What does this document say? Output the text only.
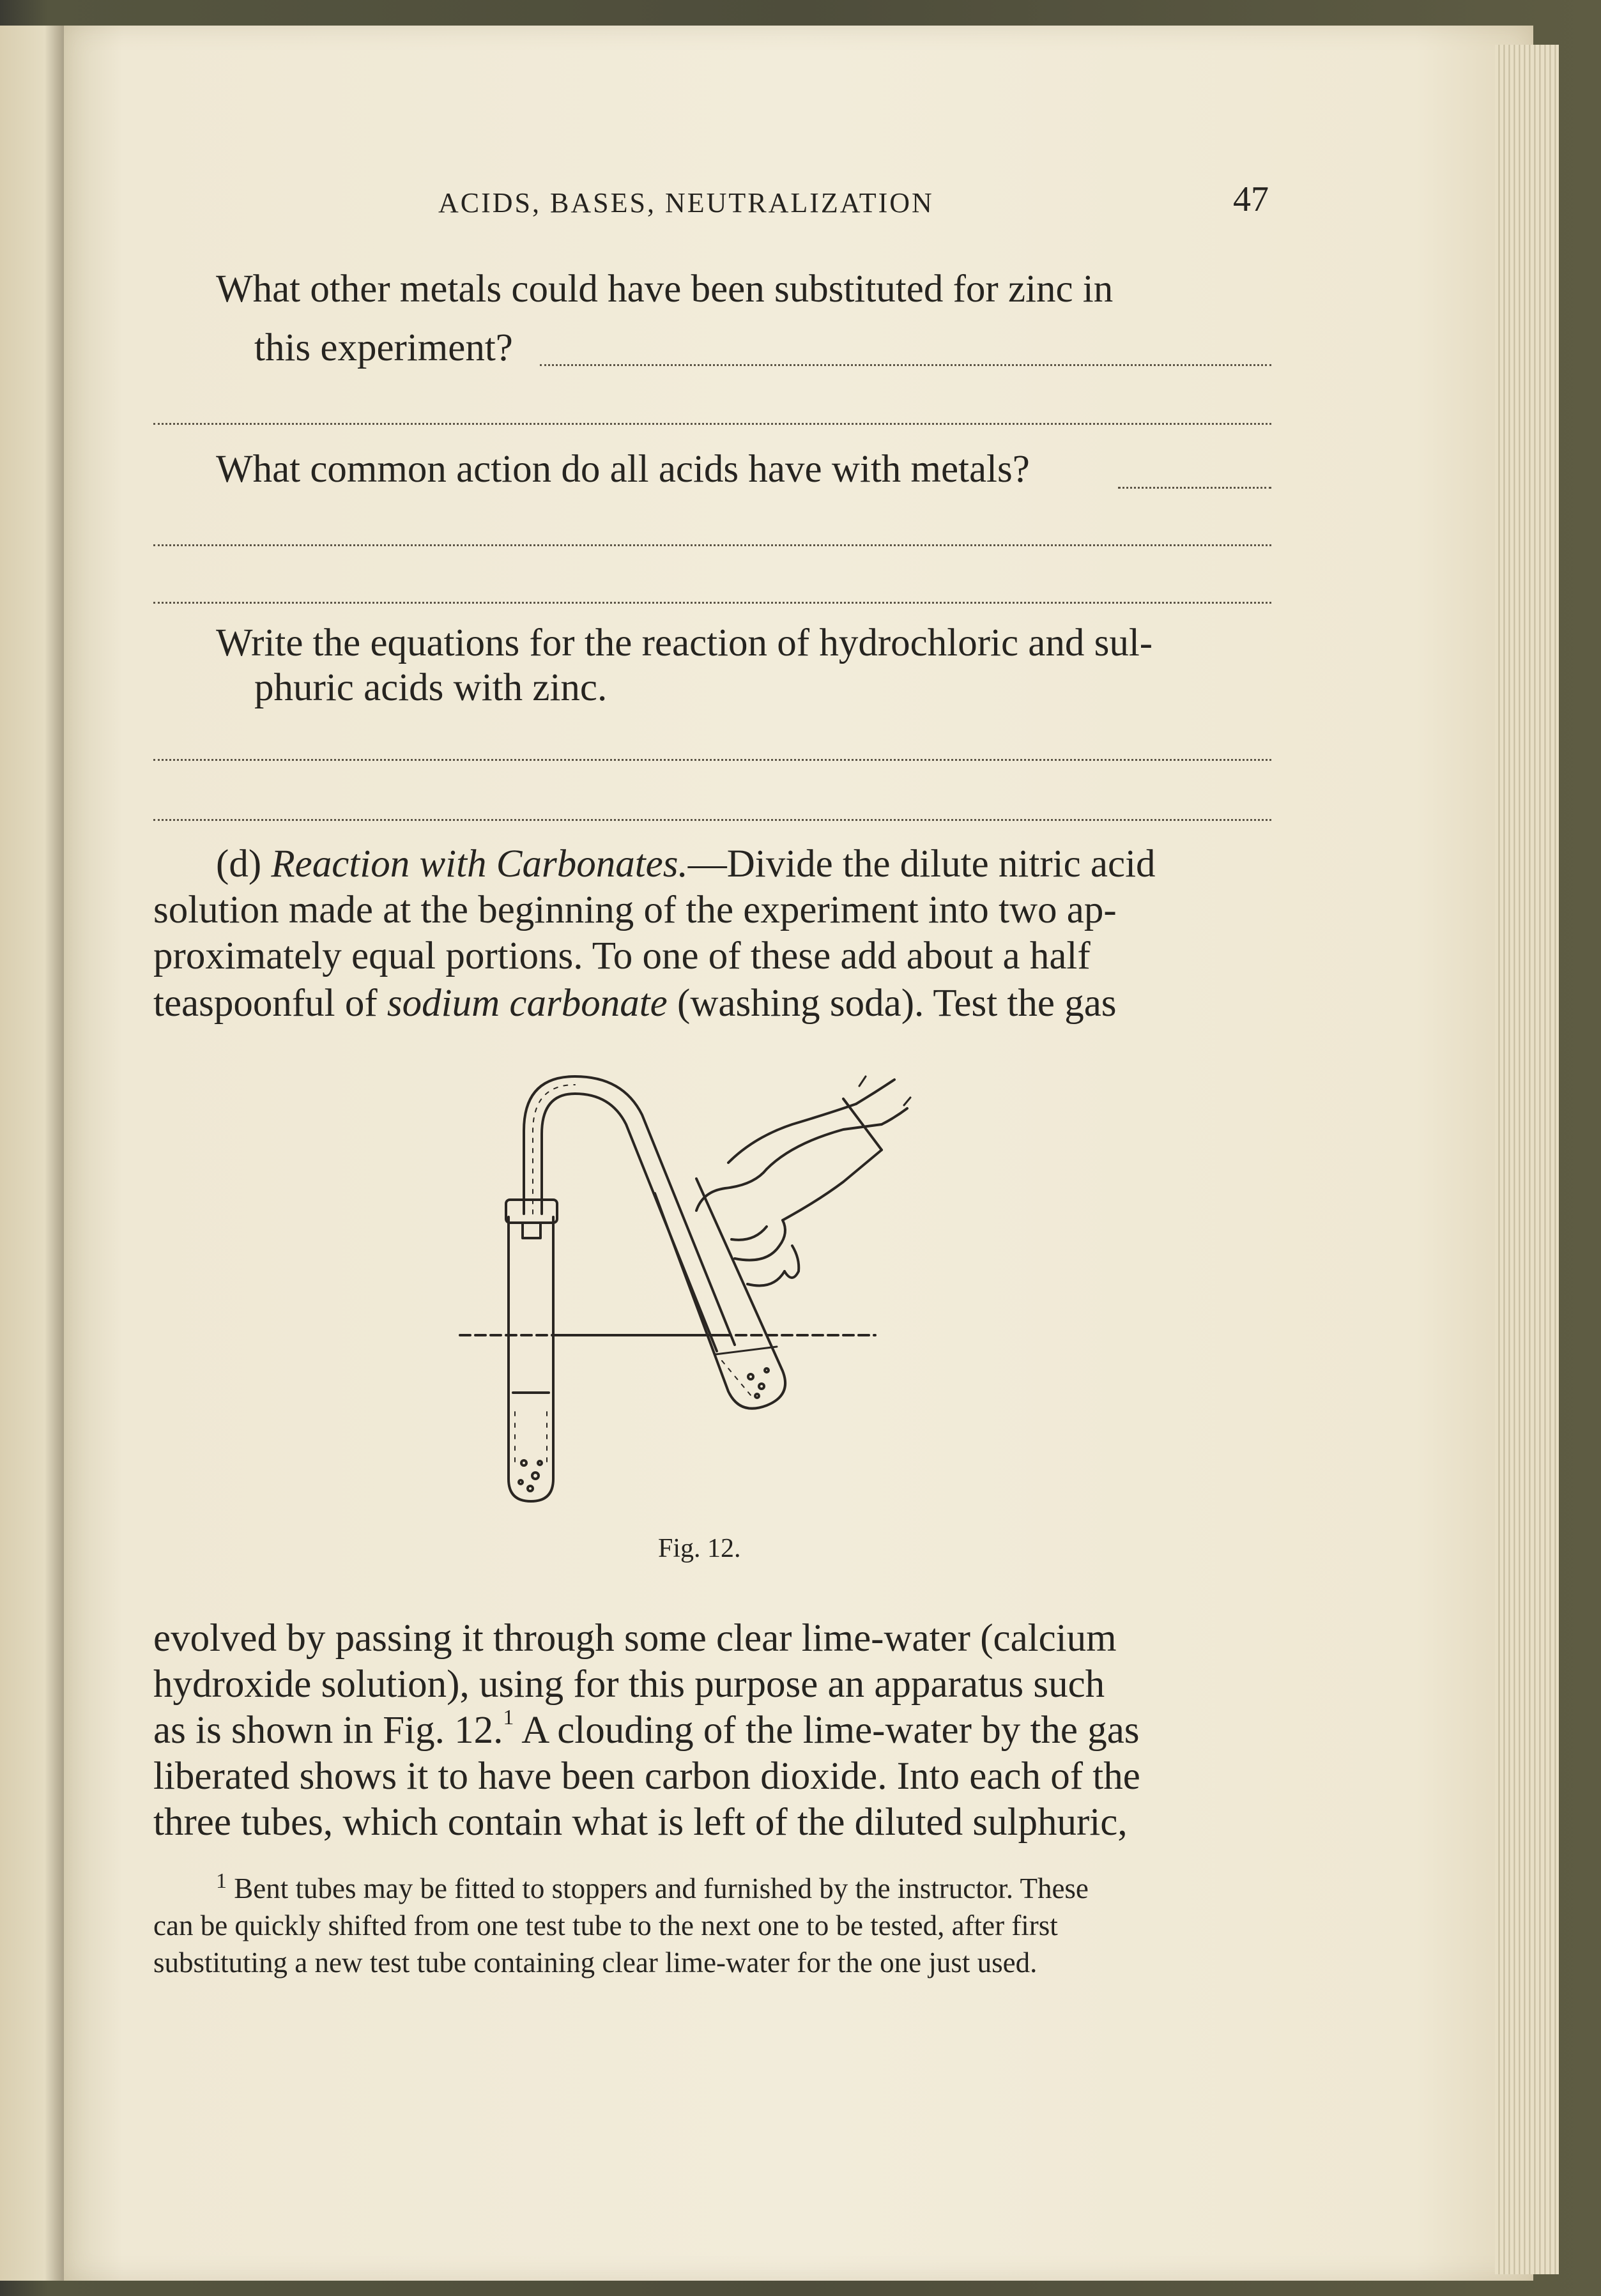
ACIDS, BASES, NEUTRALIZATION	47
What other metals could have been substituted for zinc in
this experiment?
What common action do all acids have with metals?
Write the equations for the reaction of hydrochloric and sul-
phuric acids with zinc.
(d) Reaction with Carbonates.—Divide the dilute nitric acid
solution made at the beginning of the experiment into two ap-
proximately equal portions. To one of these add about a half
teaspoonful of sodium carbonate (washing soda). Test the gas
Fig. 12.
evolved by passing it through some clear lime-water (calcium
hydroxide solution), using for this purpose an apparatus such
as is shown in Fig. 12.$^1$ A clouding of the lime-water by the gas
liberated shows it to have been carbon dioxide. Into each of the
three tubes, which contain what is left of the diluted sulphuric,
$^1$ Bent tubes may be fitted to stoppers and furnished by the instructor. These
can be quickly shifted from one test tube to the next one to be tested, after first
substituting a new test tube containing clear lime-water for the one just used.
